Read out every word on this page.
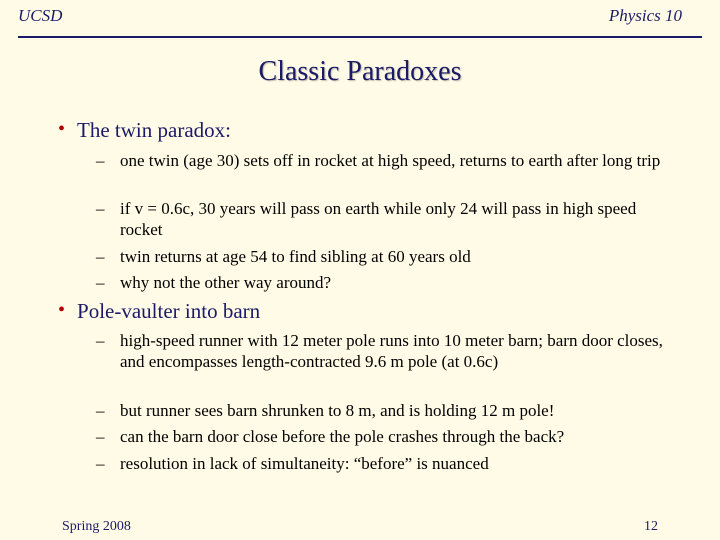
UCSD	Physics 10
Classic Paradoxes
• The twin paradox:
– one twin (age 30) sets off in rocket at high speed, returns to earth after long trip
– if v = 0.6c, 30 years will pass on earth while only 24 will pass in high speed rocket
– twin returns at age 54 to find sibling at 60 years old
– why not the other way around?
• Pole-vaulter into barn
– high-speed runner with 12 meter pole runs into 10 meter barn; barn door closes, and encompasses length-contracted 9.6 m pole (at 0.6c)
– but runner sees barn shrunken to 8 m, and is holding 12 m pole!
– can the barn door close before the pole crashes through the back?
– resolution in lack of simultaneity: “before” is nuanced
Spring 2008	12
